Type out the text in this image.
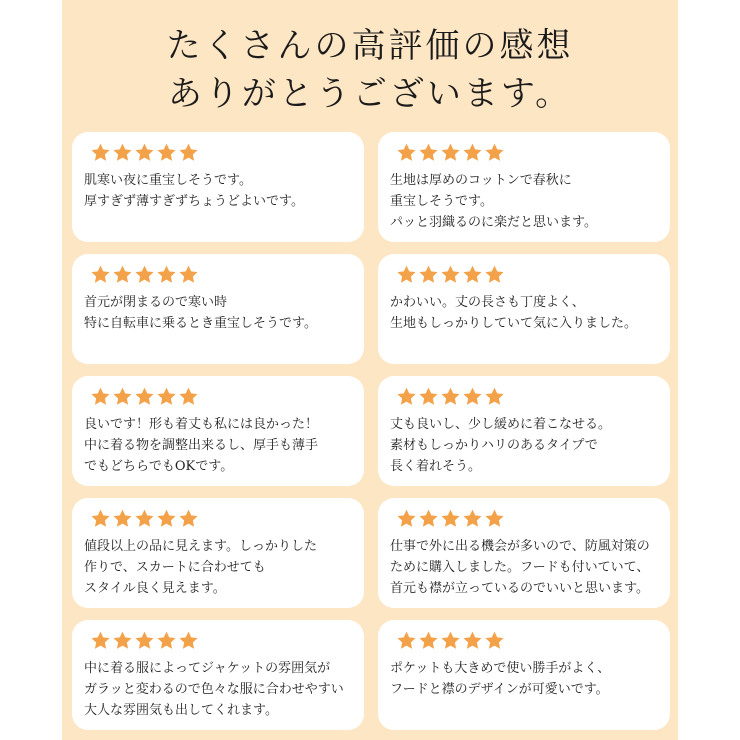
たくさんの高評価の感想
ありがとうございます。
肌寒い夜に重宝しそうです。
厚すぎず薄すぎずちょうどよいです。
生地は厚めのコットンで春秋に
重宝しそうです。
パッと羽織るのに楽だと思います。
首元が閉まるので寒い時
特に自転車に乗るとき重宝しそうです。
かわいい。丈の長さも丁度よく、
生地もしっかりしていて気に入りました。
良いです！形も着丈も私には良かった！
中に着る物を調整出来るし、厚手も薄手
でもどちらでもOKです。
丈も良いし、少し緩めに着こなせる。
素材もしっかりハリのあるタイプで
長く着れそう。
値段以上の品に見えます。しっかりした
作りで、スカートに合わせても
スタイル良く見えます。
仕事で外に出る機会が多いので、防風対策の
ために購入しました。フードも付いていて、
首元も襟が立っているのでいいと思います。
中に着る服によってジャケットの雰囲気が
ガラッと変わるので色々な服に合わせやすい
大人な雰囲気も出してくれます。
ポケットも大きめで使い勝手がよく、
フードと襟のデザインが可愛いです。
